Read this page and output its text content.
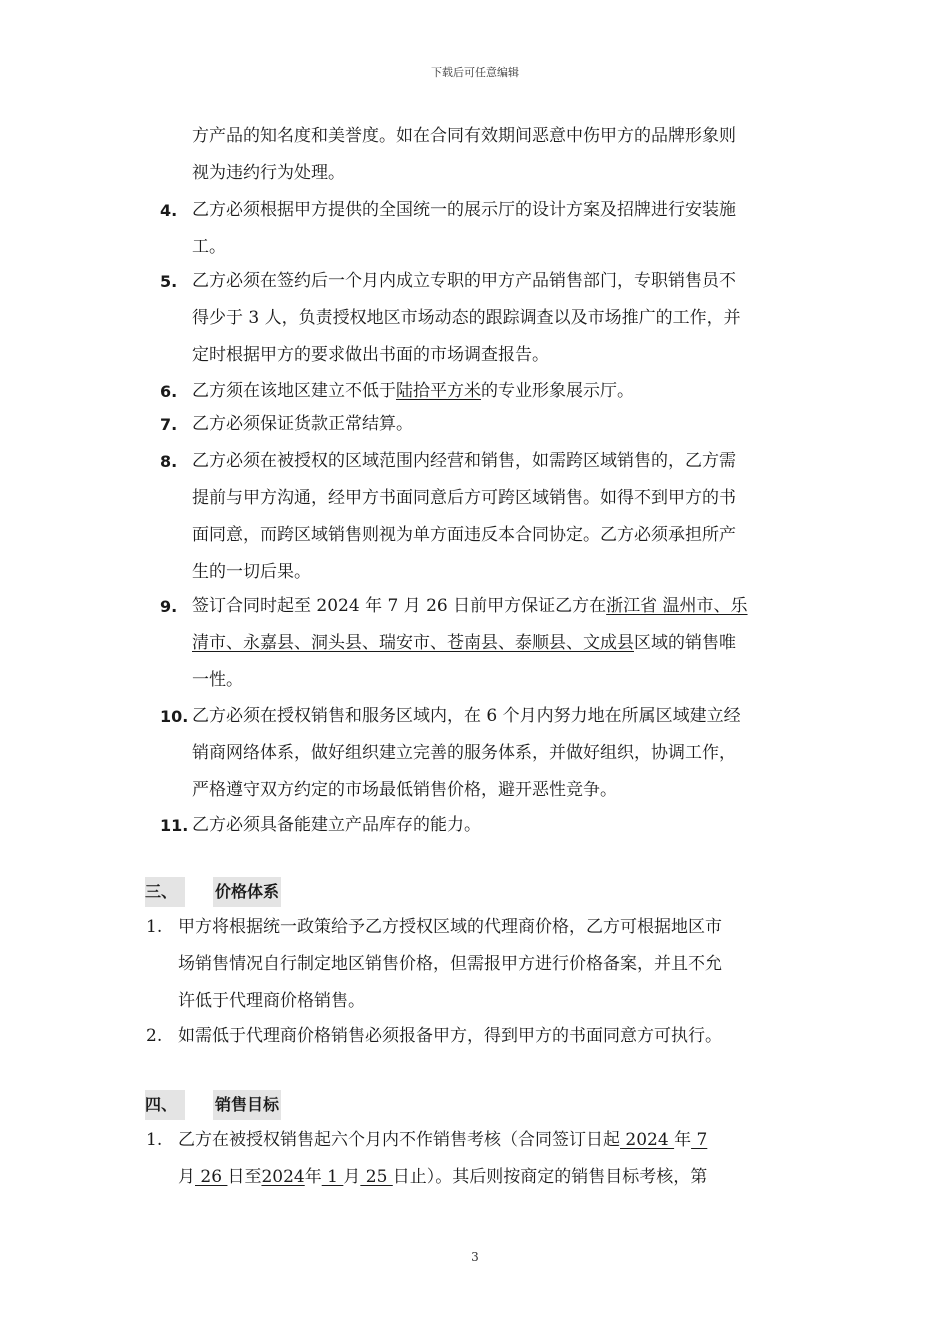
下载后可任意编辑
方产品的知名度和美誉度。如在合同有效期间恶意中伤甲方的品牌形象则
视为违约行为处理。
4. 乙方必须根据甲方提供的全国统一的展示厅的设计方案及招牌进行安装施
工。
5. 乙方必须在签约后一个月内成立专职的甲方产品销售部门，专职销售员不
得少于 3 人，负责授权地区市场动态的跟踪调查以及市场推广的工作，并
定时根据甲方的要求做出书面的市场调查报告。
6. 乙方须在该地区建立不低于陆拾平方米的专业形象展示厅。
7. 乙方必须保证货款正常结算。
8. 乙方必须在被授权的区域范围内经营和销售，如需跨区域销售的，乙方需
提前与甲方沟通，经甲方书面同意后方可跨区域销售。如得不到甲方的书
面同意，而跨区域销售则视为单方面违反本合同协定。乙方必须承担所产
生的一切后果。
9. 签订合同时起至 2024 年 7 月 26 日前甲方保证乙方在浙江省 温州市、乐
清市、永嘉县、洞头县、瑞安市、苍南县、泰顺县、文成县区域的销售唯
一性。
10. 乙方必须在授权销售和服务区域内，在 6 个月内努力地在所属区域建立经
销商网络体系，做好组织建立完善的服务体系，并做好组织，协调工作，
严格遵守双方约定的市场最低销售价格，避开恶性竞争。
11. 乙方必须具备能建立产品库存的能力。
三、 价格体系
1. 甲方将根据统一政策给予乙方授权区域的代理商价格，乙方可根据地区市
场销售情况自行制定地区销售价格，但需报甲方进行价格备案，并且不允
许低于代理商价格销售。
2. 如需低于代理商价格销售必须报备甲方，得到甲方的书面同意方可执行。
四、 销售目标
1. 乙方在被授权销售起六个月内不作销售考核（合同签订日起 2024 年 7
月 26 日至2024年 1 月 25 日止）。其后则按商定的销售目标考核，第
3
